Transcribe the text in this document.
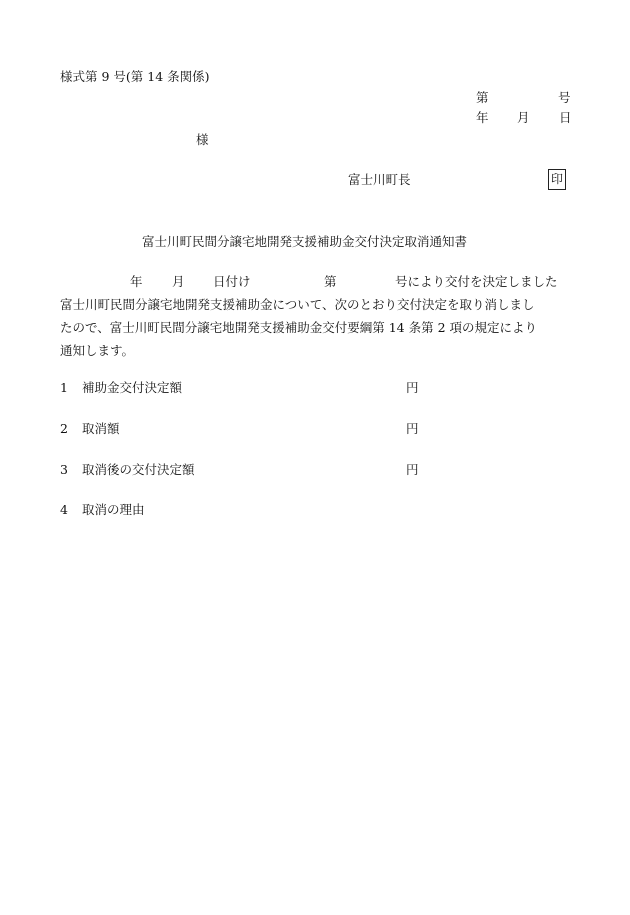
様式第 9 号(第 14 条関係)
第	号
年 月 日
様
富士川町長	印
富士川町民間分譲宅地開発支援補助金交付決定取消通知書
年 月 日付け	第	号により交付を決定しました
富士川町民間分譲宅地開発支援補助金について、次のとおり交付決定を取り消しまし
たので、富士川町民間分譲宅地開発支援補助金交付要綱第 14 条第 2 項の規定により
通知します。
1 補助金交付決定額	円
2 取消額	円
3 取消後の交付決定額	円
4 取消の理由
